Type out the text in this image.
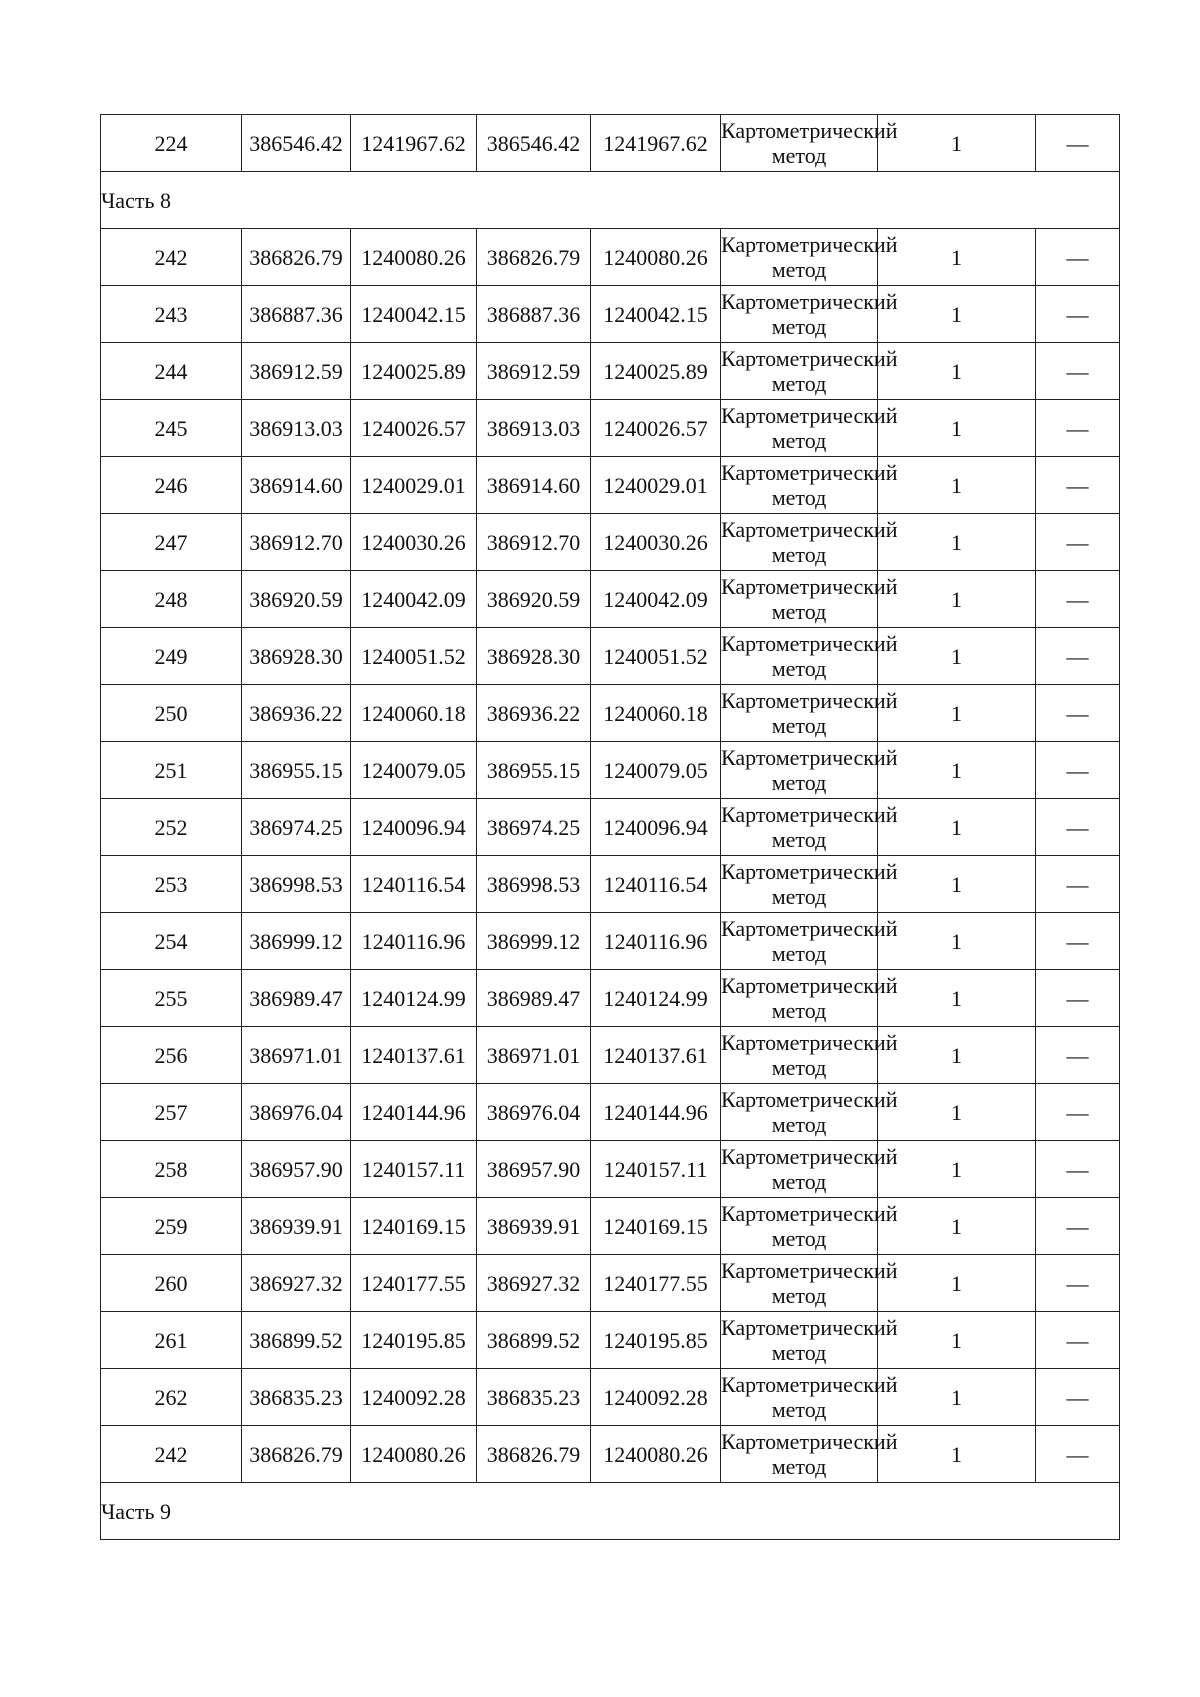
224	386546.42	1241967.62	386546.42	1241967.62	Картометрический метод	1	—
Часть 8							
242	386826.79	1240080.26	386826.79	1240080.26	Картометрический метод	1	—
243	386887.36	1240042.15	386887.36	1240042.15	Картометрический метод	1	—
244	386912.59	1240025.89	386912.59	1240025.89	Картометрический метод	1	—
245	386913.03	1240026.57	386913.03	1240026.57	Картометрический метод	1	—
246	386914.60	1240029.01	386914.60	1240029.01	Картометрический метод	1	—
247	386912.70	1240030.26	386912.70	1240030.26	Картометрический метод	1	—
248	386920.59	1240042.09	386920.59	1240042.09	Картометрический метод	1	—
249	386928.30	1240051.52	386928.30	1240051.52	Картометрический метод	1	—
250	386936.22	1240060.18	386936.22	1240060.18	Картометрический метод	1	—
251	386955.15	1240079.05	386955.15	1240079.05	Картометрический метод	1	—
252	386974.25	1240096.94	386974.25	1240096.94	Картометрический метод	1	—
253	386998.53	1240116.54	386998.53	1240116.54	Картометрический метод	1	—
254	386999.12	1240116.96	386999.12	1240116.96	Картометрический метод	1	—
255	386989.47	1240124.99	386989.47	1240124.99	Картометрический метод	1	—
256	386971.01	1240137.61	386971.01	1240137.61	Картометрический метод	1	—
257	386976.04	1240144.96	386976.04	1240144.96	Картометрический метод	1	—
258	386957.90	1240157.11	386957.90	1240157.11	Картометрический метод	1	—
259	386939.91	1240169.15	386939.91	1240169.15	Картометрический метод	1	—
260	386927.32	1240177.55	386927.32	1240177.55	Картометрический метод	1	—
261	386899.52	1240195.85	386899.52	1240195.85	Картометрический метод	1	—
262	386835.23	1240092.28	386835.23	1240092.28	Картометрический метод	1	—
242	386826.79	1240080.26	386826.79	1240080.26	Картометрический метод	1	—
Часть 9							
